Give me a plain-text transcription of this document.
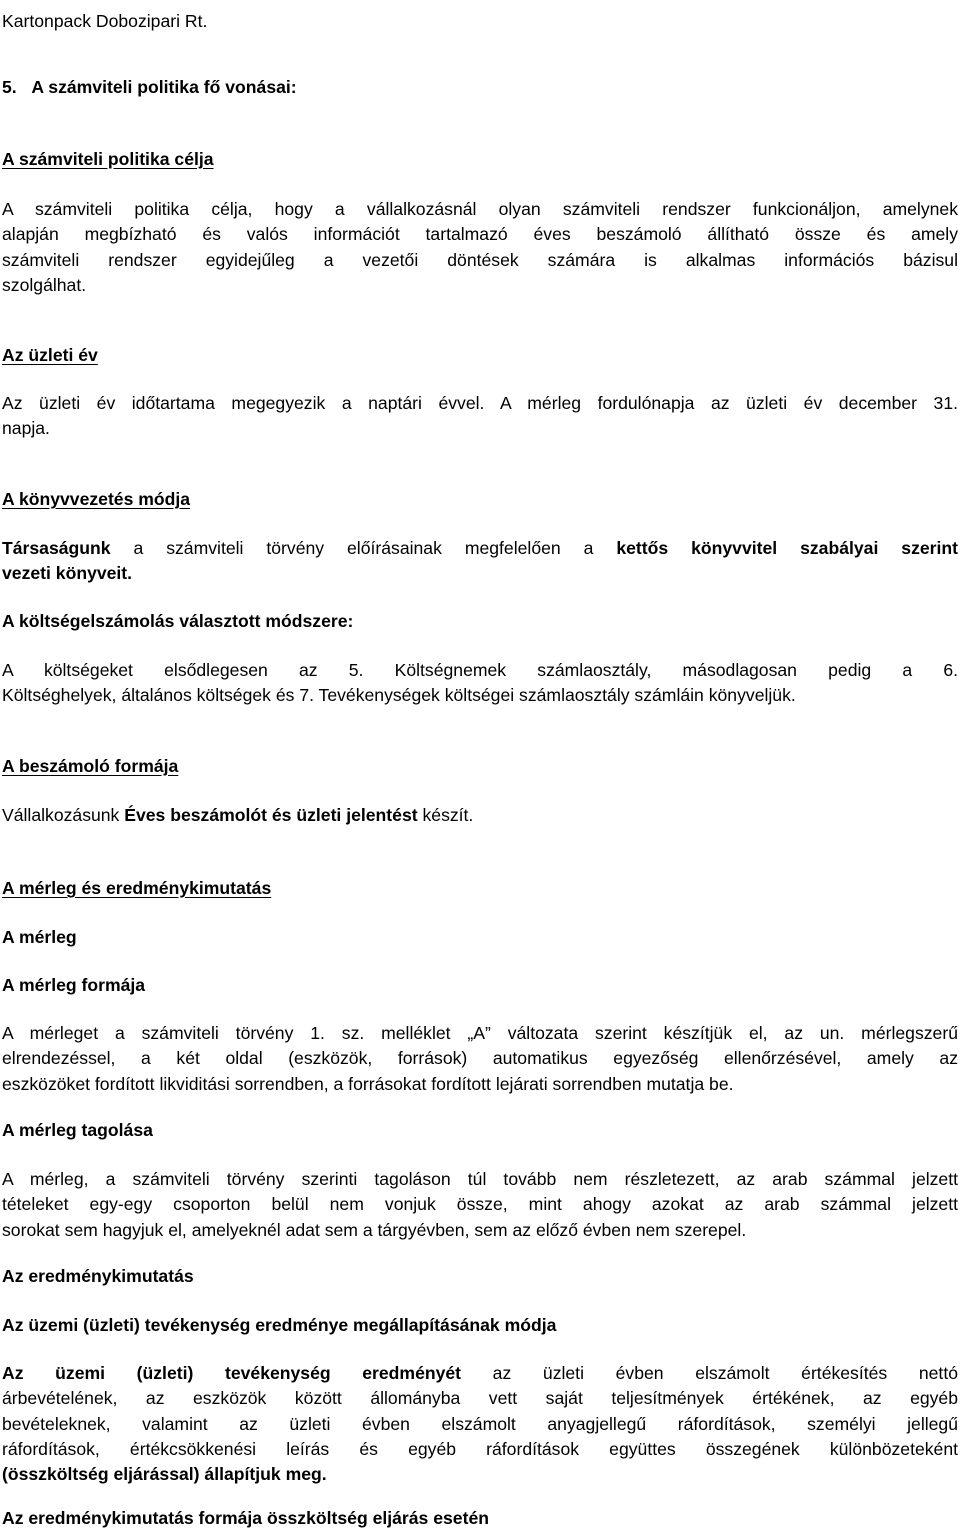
Kartonpack Dobozipari Rt.

5. A számviteli politika fő vonásai:

A számviteli politika célja

A számviteli politika célja, hogy a vállalkozásnál olyan számviteli rendszer funkcionáljon, amelynek

alapján megbízható és valós információt tartalmazó éves beszámoló állítható össze és amely

számviteli rendszer egyidejűleg a vezetői döntések számára is alkalmas információs bázisul

szolgálhat.

Az üzleti év

Az üzleti év időtartama megegyezik a naptári évvel. A mérleg fordulónapja az üzleti év december 31.

napja.

A könyvvezetés módja

Társaságunk a számviteli törvény előírásainak megfelelően a kettős könyvvitel szabályai szerint

vezeti könyveit.

A költségelszámolás választott módszere:

A költségeket elsődlegesen az 5. Költségnemek számlaosztály, másodlagosan pedig a 6.

Költséghelyek, általános költségek és 7. Tevékenységek költségei számlaosztály számláin könyveljük.

A beszámoló formája

Vállalkozásunk Éves beszámolót és üzleti jelentést készít.

A mérleg és eredménykimutatás

A mérleg

A mérleg formája

A mérleget a számviteli törvény 1. sz. melléklet „A” változata szerint készítjük el, az un. mérlegszerű

elrendezéssel, a két oldal (eszközök, források) automatikus egyezőség ellenőrzésével, amely az

eszközöket fordított likviditási sorrendben, a forrásokat fordított lejárati sorrendben mutatja be.

A mérleg tagolása

A mérleg, a számviteli törvény szerinti tagoláson túl tovább nem részletezett, az arab számmal jelzett

tételeket egy-egy csoporton belül nem vonjuk össze, mint ahogy azokat az arab számmal jelzett

sorokat sem hagyjuk el, amelyeknél adat sem a tárgyévben, sem az előző évben nem szerepel.

Az eredménykimutatás

Az üzemi (üzleti) tevékenység eredménye megállapításának módja

Az üzemi (üzleti) tevékenység eredményét az üzleti évben elszámolt értékesítés nettó

árbevételének, az eszközök között állományba vett saját teljesítmények értékének, az egyéb

bevételeknek, valamint az üzleti évben elszámolt anyagjellegű ráfordítások, személyi jellegű

ráfordítások, értékcsökkenési leírás és egyéb ráfordítások együttes összegének különbözeteként

(összköltség eljárással) állapítjuk meg.

Az eredménykimutatás formája összköltség eljárás esetén
